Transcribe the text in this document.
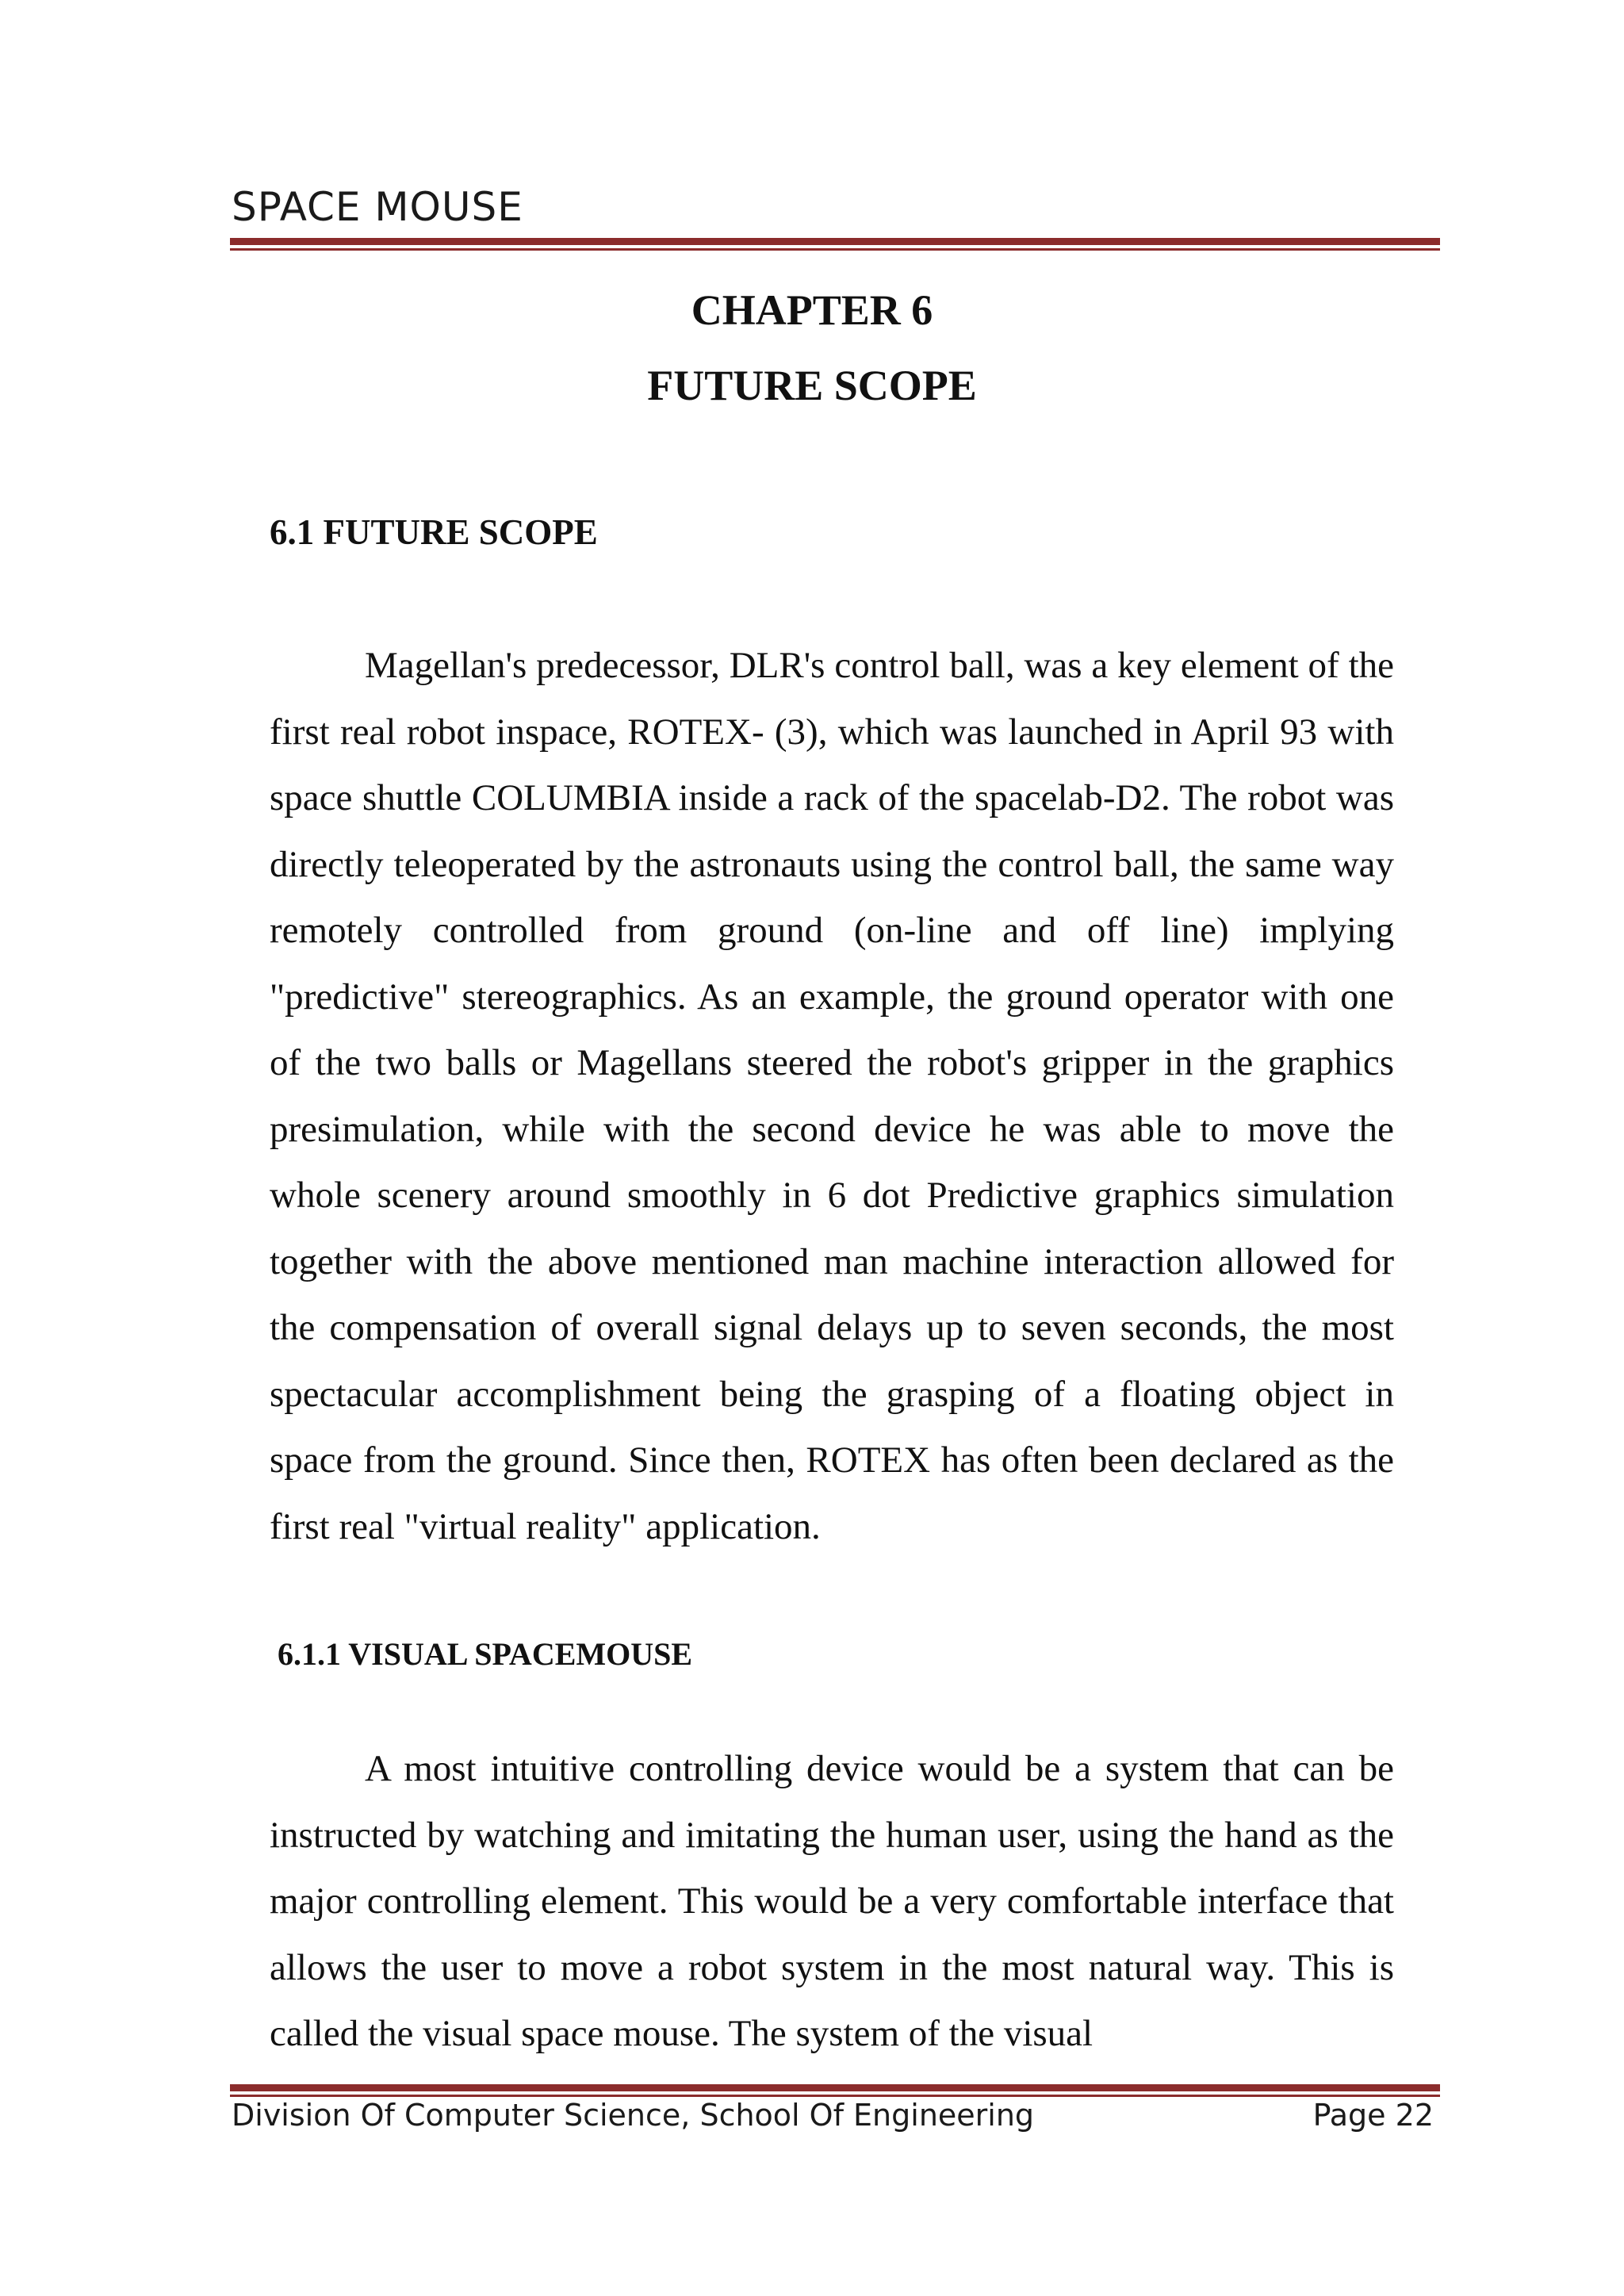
SPACE MOUSE
CHAPTER 6
FUTURE SCOPE
6.1 FUTURE SCOPE

Magellan's predecessor, DLR's control ball, was a key element of the first real robot inspace, ROTEX- (3), which was launched in April 93 with space shuttle COLUMBIA inside a rack of the spacelab-D2. The robot was directly teleoperated by the astronauts using the control ball, the same way remotely controlled from ground (on-line and off line) implying "predictive" stereographics. As an example, the ground operator with one of the two balls or Magellans steered the robot's gripper in the graphics presimulation, while with the second device he was able to move the whole scenery around smoothly in 6 dot Predictive graphics simulation together with the above mentioned man machine interaction allowed for the compensation of overall signal delays up to seven seconds, the most spectacular accomplishment being the grasping of a floating object in space from the ground. Since then, ROTEX has often been declared as the first real "virtual reality" application.

6.1.1 VISUAL SPACEMOUSE

A most intuitive controlling device would be a system that can be instructed by watching and imitating the human user, using the hand as the major controlling element. This would be a very comfortable interface that allows the user to move a robot system in the most natural way. This is called the visual space mouse. The system of the visual

Division Of Computer Science, School Of Engineering	Page 22
